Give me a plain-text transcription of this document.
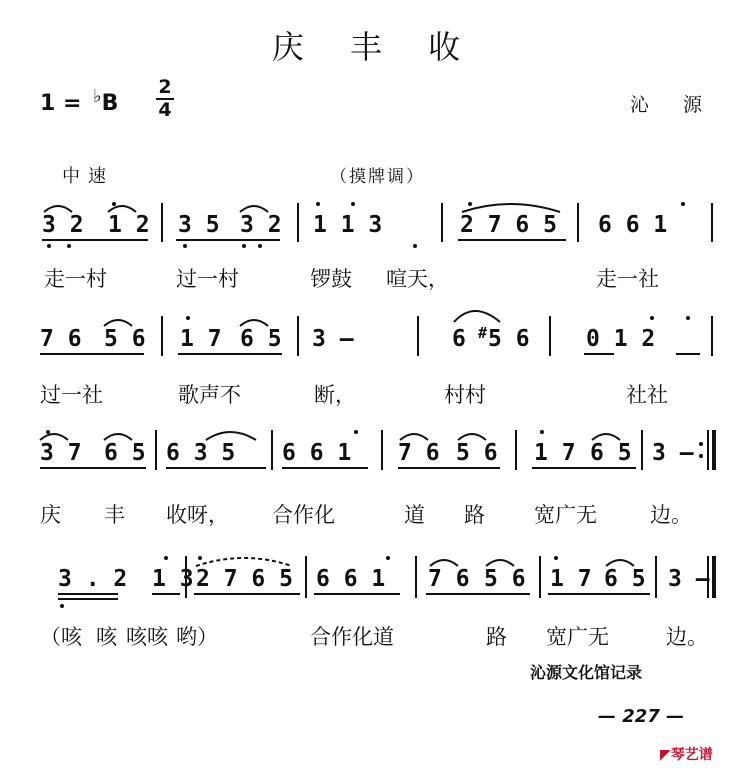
庆 丰 收
1 = ♭B
2
4	沁 源
中速	（摸牌调）
3 2 1 2 3 5 3 2 1 1 3	2 7 6 5 6 6 1
7 6 5 6 1 7 6 5 3 —	6 # 5 6 0 1 2
3 7 6 5 6 3 5 6 6 1 7 6 5 6 1 7 6 5 3 —
3 . 2 1 3 2 7 6 5 6 6 1 7 6 5 6 1 7 6 5 3 —
走一村	过一村	锣鼓 喧天，	走一社
过一社	歌声不	断，	村村	社社
庆 丰 收呀， 合作化	道 路 宽广无	边。
（咳 咳 咳咳 哟）	合作化道	路 宽广无	边。
沁源文化馆记录
— 227 —
◤琴艺谱
